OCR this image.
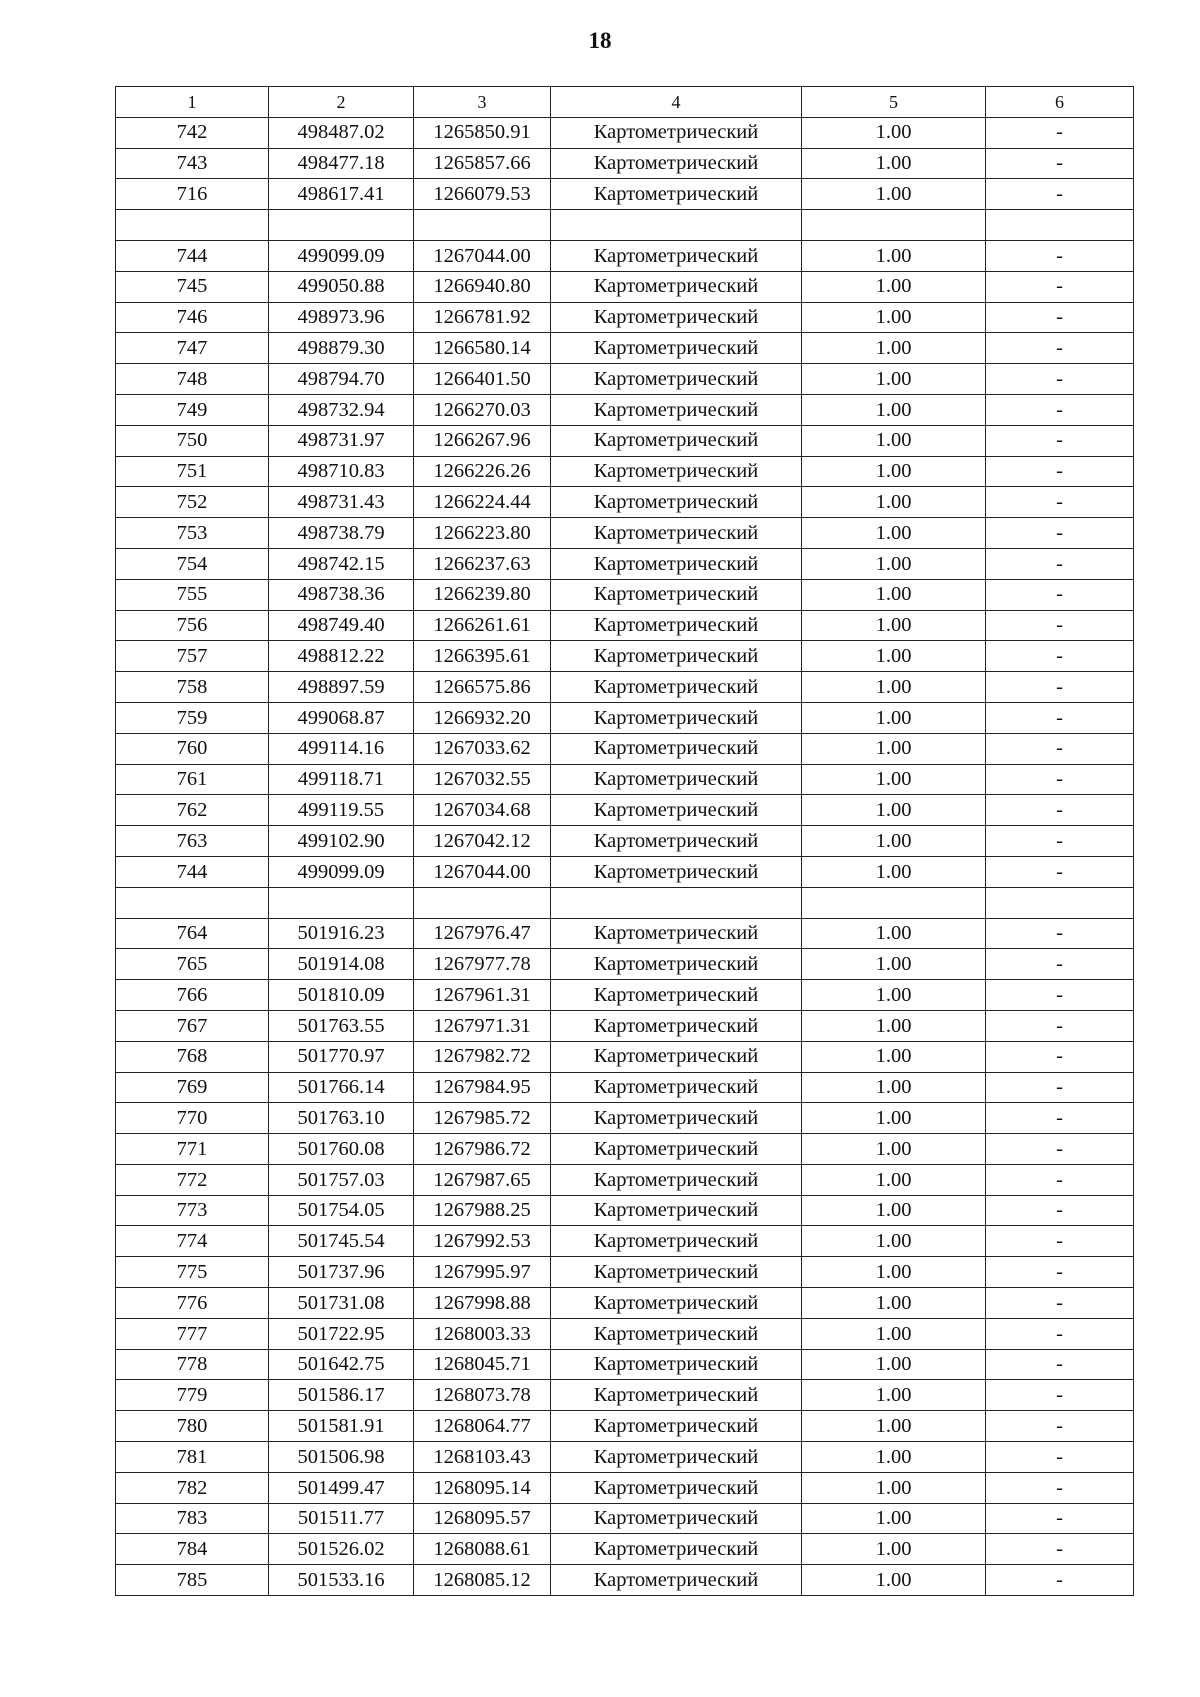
18
1	2	3	4	5	6
742	498487.02	1265850.91	Картометрический	1.00	-
743	498477.18	1265857.66	Картометрический	1.00	-
716	498617.41	1266079.53	Картометрический	1.00	-

744	499099.09	1267044.00	Картометрический	1.00	-
745	499050.88	1266940.80	Картометрический	1.00	-
746	498973.96	1266781.92	Картометрический	1.00	-
747	498879.30	1266580.14	Картометрический	1.00	-
748	498794.70	1266401.50	Картометрический	1.00	-
749	498732.94	1266270.03	Картометрический	1.00	-
750	498731.97	1266267.96	Картометрический	1.00	-
751	498710.83	1266226.26	Картометрический	1.00	-
752	498731.43	1266224.44	Картометрический	1.00	-
753	498738.79	1266223.80	Картометрический	1.00	-
754	498742.15	1266237.63	Картометрический	1.00	-
755	498738.36	1266239.80	Картометрический	1.00	-
756	498749.40	1266261.61	Картометрический	1.00	-
757	498812.22	1266395.61	Картометрический	1.00	-
758	498897.59	1266575.86	Картометрический	1.00	-
759	499068.87	1266932.20	Картометрический	1.00	-
760	499114.16	1267033.62	Картометрический	1.00	-
761	499118.71	1267032.55	Картометрический	1.00	-
762	499119.55	1267034.68	Картометрический	1.00	-
763	499102.90	1267042.12	Картометрический	1.00	-
744	499099.09	1267044.00	Картометрический	1.00	-

764	501916.23	1267976.47	Картометрический	1.00	-
765	501914.08	1267977.78	Картометрический	1.00	-
766	501810.09	1267961.31	Картометрический	1.00	-
767	501763.55	1267971.31	Картометрический	1.00	-
768	501770.97	1267982.72	Картометрический	1.00	-
769	501766.14	1267984.95	Картометрический	1.00	-
770	501763.10	1267985.72	Картометрический	1.00	-
771	501760.08	1267986.72	Картометрический	1.00	-
772	501757.03	1267987.65	Картометрический	1.00	-
773	501754.05	1267988.25	Картометрический	1.00	-
774	501745.54	1267992.53	Картометрический	1.00	-
775	501737.96	1267995.97	Картометрический	1.00	-
776	501731.08	1267998.88	Картометрический	1.00	-
777	501722.95	1268003.33	Картометрический	1.00	-
778	501642.75	1268045.71	Картометрический	1.00	-
779	501586.17	1268073.78	Картометрический	1.00	-
780	501581.91	1268064.77	Картометрический	1.00	-
781	501506.98	1268103.43	Картометрический	1.00	-
782	501499.47	1268095.14	Картометрический	1.00	-
783	501511.77	1268095.57	Картометрический	1.00	-
784	501526.02	1268088.61	Картометрический	1.00	-
785	501533.16	1268085.12	Картометрический	1.00	-
